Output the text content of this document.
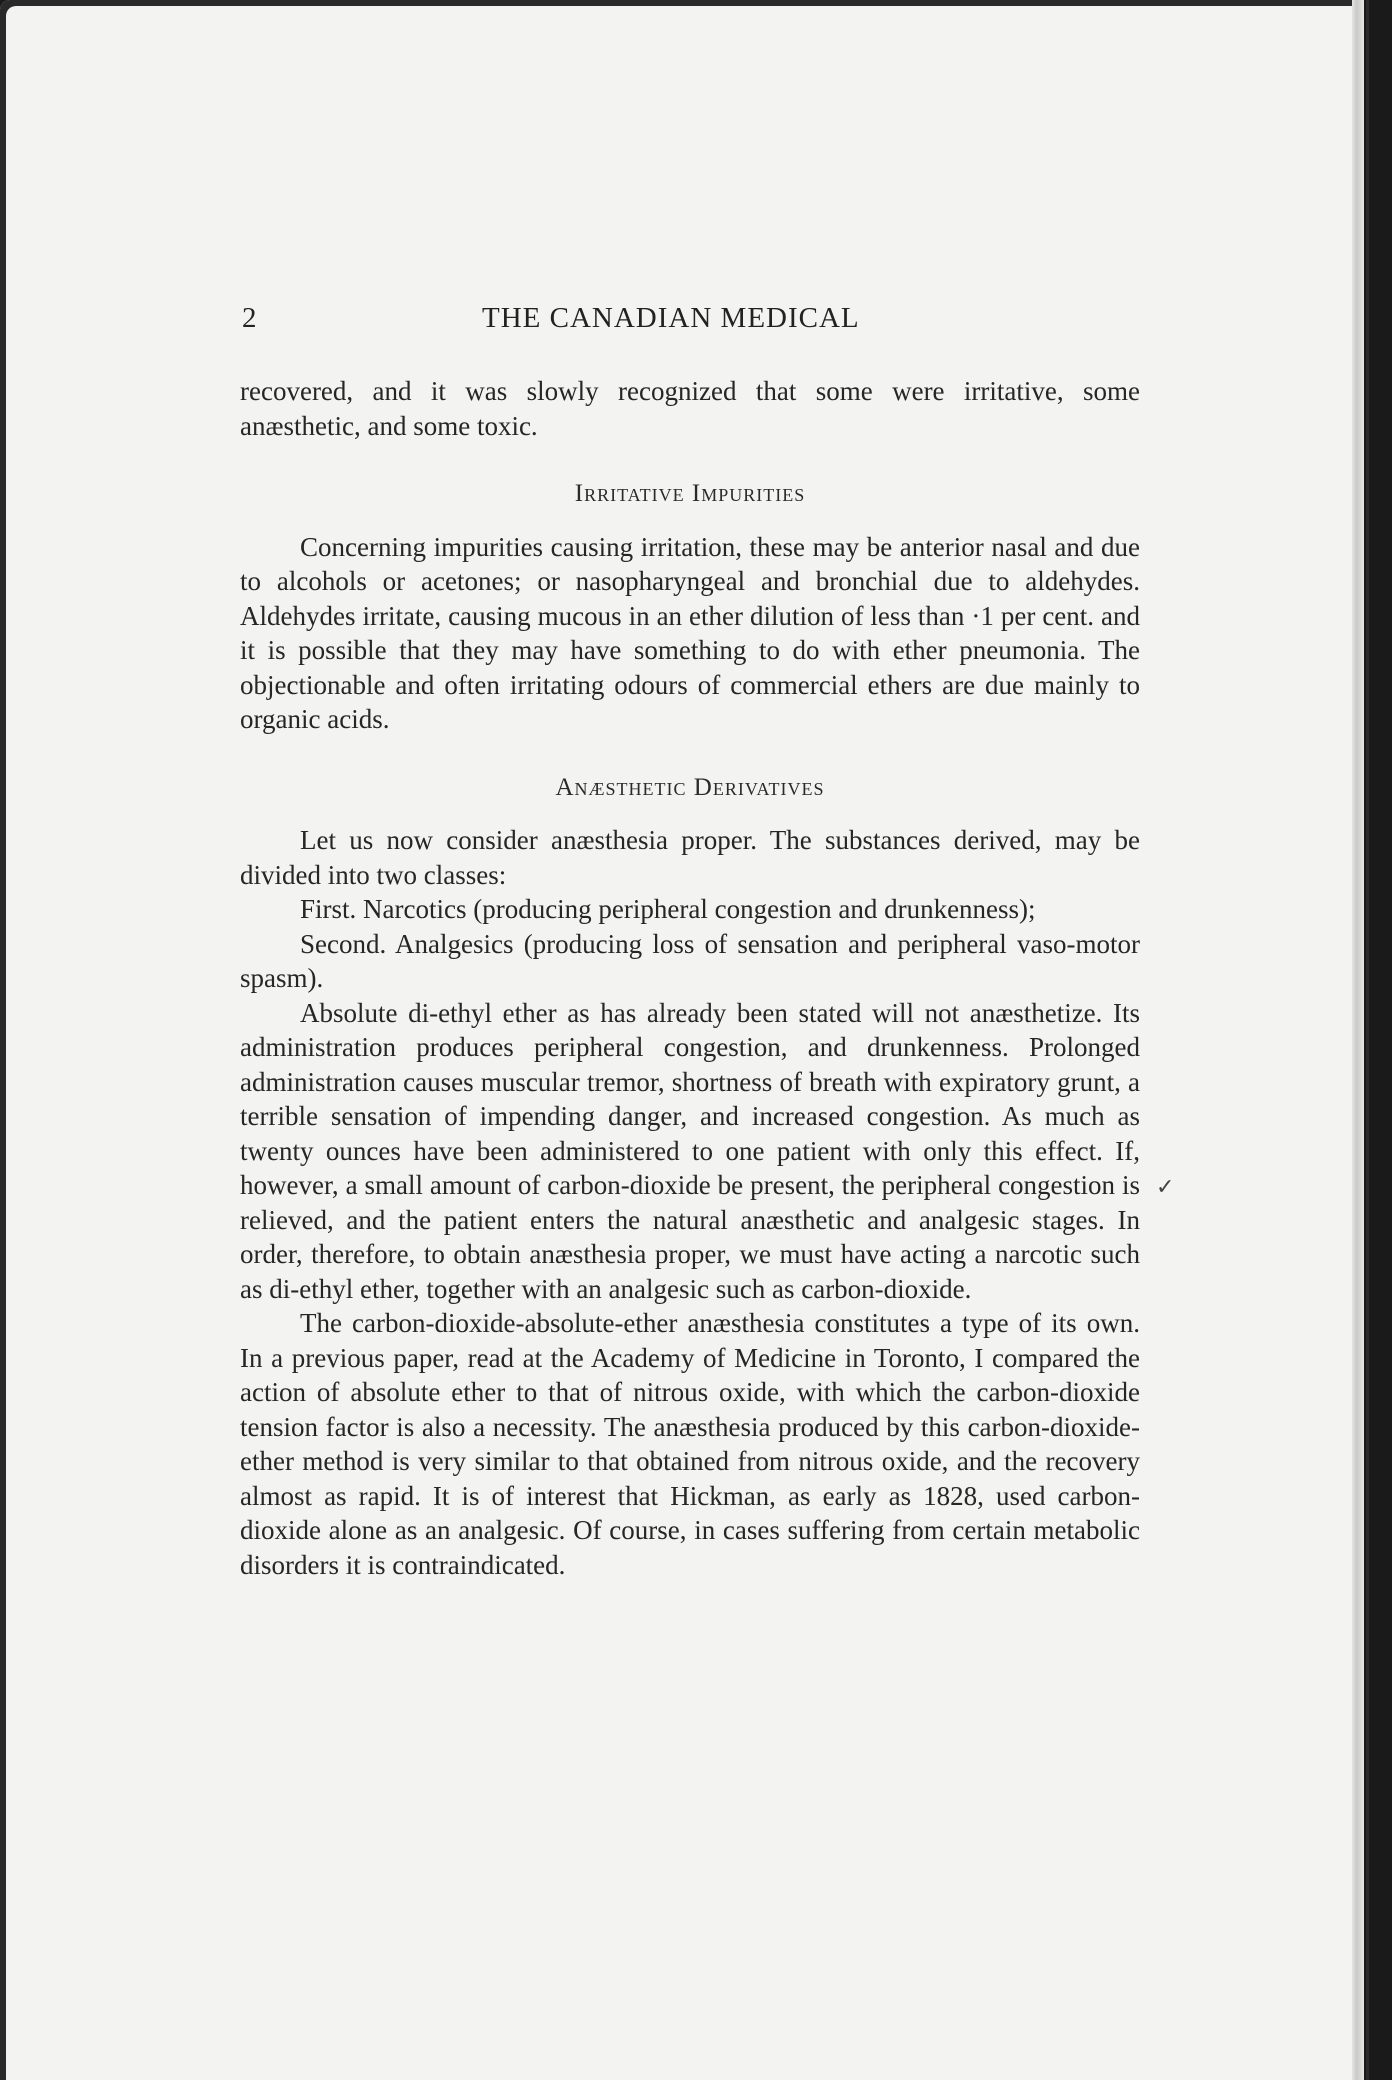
2	THE CANADIAN MEDICAL

recovered, and it was slowly recognized that some were irritative, some anæsthetic, and some toxic.

Irritative Impurities

Concerning impurities causing irritation, these may be anterior nasal and due to alcohols or acetones; or nasopharyngeal and bronchial due to aldehydes. Aldehydes irritate, causing mucous in an ether dilution of less than ·1 per cent. and it is possible that they may have something to do with ether pneumonia. The objectionable and often irritating odours of commercial ethers are due mainly to organic acids.

Anæsthetic Derivatives

Let us now consider anæsthesia proper. The substances derived, may be divided into two classes:

First. Narcotics (producing peripheral congestion and drunkenness);

Second. Analgesics (producing loss of sensation and peripheral vaso-motor spasm).

Absolute di-ethyl ether as has already been stated will not anæsthetize. Its administration produces peripheral congestion, and drunkenness. Prolonged administration causes muscular tremor, shortness of breath with expiratory grunt, a terrible sensation of impending danger, and increased congestion. As much as twenty ounces have been administered to one patient with only this effect. If, however, a small amount of carbon-dioxide be present, the peripheral congestion is relieved, and the patient enters the natural anæsthetic and analgesic stages. In order, therefore, to obtain anæsthesia proper, we must have acting a narcotic such as di-ethyl ether, together with an analgesic such as carbon-dioxide.

The carbon-dioxide-absolute-ether anæsthesia constitutes a type of its own. In a previous paper, read at the Academy of Medicine in Toronto, I compared the action of absolute ether to that of nitrous oxide, with which the carbon-dioxide tension factor is also a necessity. The anæsthesia produced by this carbon-dioxide-ether method is very similar to that obtained from nitrous oxide, and the recovery almost as rapid. It is of interest that Hickman, as early as 1828, used carbon-dioxide alone as an analgesic. Of course, in cases suffering from certain metabolic disorders it is contraindicated.

✓
